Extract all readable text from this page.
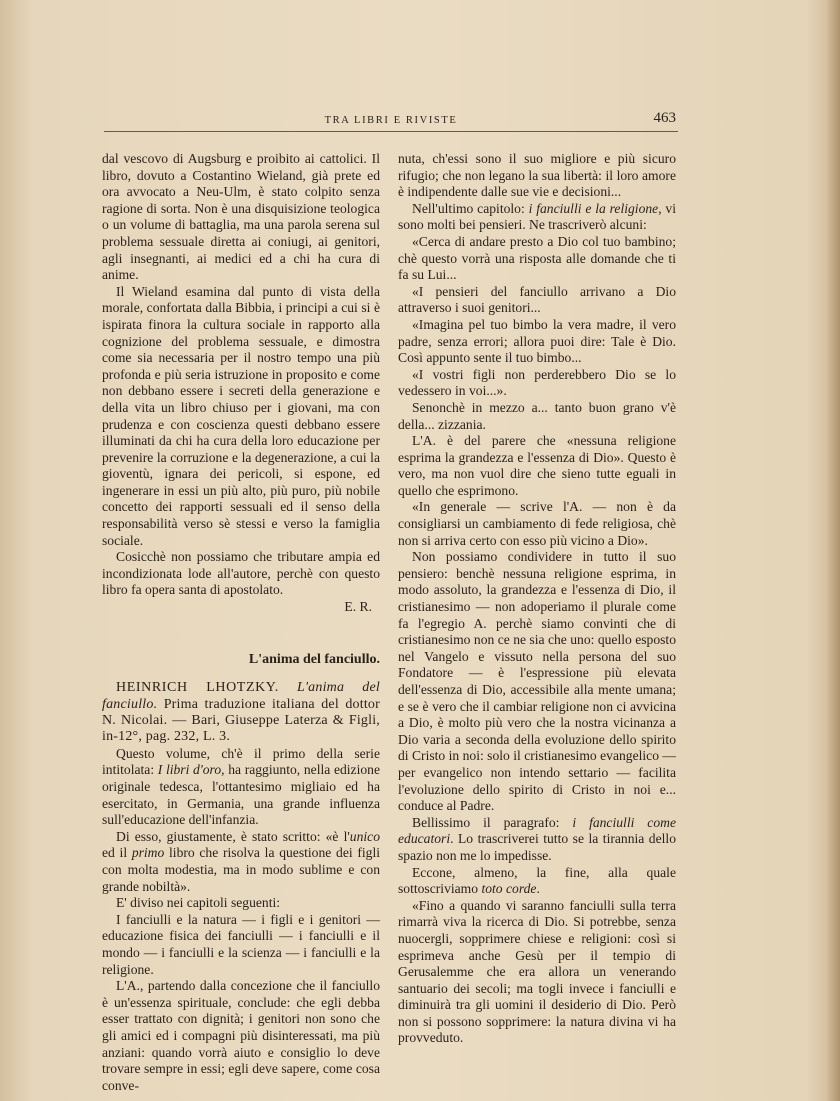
TRA LIBRI E RIVISTE	463

dal vescovo di Augsburg e proibito ai cattolici. Il libro, dovuto a Costantino Wieland, già prete ed ora avvocato a Neu-Ulm, è stato colpito senza ragione di sorta. Non è una disquisizione teologica o un volume di battaglia, ma una parola serena sul problema sessuale diretta ai coniugi, ai genitori, agli insegnanti, ai medici ed a chi ha cura di anime.

Il Wieland esamina dal punto di vista della morale, confortata dalla Bibbia, i principi a cui si è ispirata finora la cultura sociale in rapporto alla cognizione del problema sessuale, e dimostra come sia necessaria per il nostro tempo una più profonda e più seria istruzione in proposito e come non debbano essere i secreti della generazione e della vita un libro chiuso per i giovani, ma con prudenza e con coscienza questi debbano essere illuminati da chi ha cura della loro educazione per prevenire la corruzione e la degenerazione, a cui la gioventù, ignara dei pericoli, si espone, ed ingenerare in essi un più alto, più puro, più nobile concetto dei rapporti sessuali ed il senso della responsabilità verso sè stessi e verso la famiglia sociale.

Cosicchè non possiamo che tributare ampia ed incondizionata lode all'autore, perchè con questo libro fa opera santa di apostolato.

E. R.
L'anima del fanciullo.

HEINRICH LHOTZKY. L'anima del fanciullo. Prima traduzione italiana del dottor N. Nicolai. — Bari, Giuseppe Laterza & Figli, in-12°, pag. 232, L. 3.

Questo volume, ch'è il primo della serie intitolata: I libri d'oro, ha raggiunto, nella edizione originale tedesca, l'ottantesimo migliaio ed ha esercitato, in Germania, una grande influenza sull'educazione dell'infanzia.

Di esso, giustamente, è stato scritto: «è l'unico ed il primo libro che risolva la questione dei figli con molta modestia, ma in modo sublime e con grande nobiltà».

E' diviso nei capitoli seguenti:

I fanciulli e la natura — i figli e i genitori — educazione fisica dei fanciulli — i fanciulli e il mondo — i fanciulli e la scienza — i fanciulli e la religione.

L'A., partendo dalla concezione che il fanciullo è un'essenza spirituale, conclude: che egli debba esser trattato con dignità; i genitori non sono che gli amici ed i compagni più disinteressati, ma più anziani: quando vorrà aiuto e consiglio lo deve trovare sempre in essi; egli deve sapere, come cosa conve-

nuta, ch'essi sono il suo migliore e più sicuro rifugio; che non legano la sua libertà: il loro amore è indipendente dalle sue vie e decisioni...

Nell'ultimo capitolo: i fanciulli e la religione, vi sono molti bei pensieri. Ne trascriverò alcuni:

«Cerca di andare presto a Dio col tuo bambino; chè questo vorrà una risposta alle domande che ti fa su Lui...

«I pensieri del fanciullo arrivano a Dio attraverso i suoi genitori...

«Imagina pel tuo bimbo la vera madre, il vero padre, senza errori; allora puoi dire: Tale è Dio. Così appunto sente il tuo bimbo...

«I vostri figli non perderebbero Dio se lo vedessero in voi...».

Senonchè in mezzo a... tanto buon grano v'è della... zizzania.

L'A. è del parere che «nessuna religione esprima la grandezza e l'essenza di Dio». Questo è vero, ma non vuol dire che sieno tutte eguali in quello che esprimono.

«In generale — scrive l'A. — non è da consigliarsi un cambiamento di fede religiosa, chè non si arriva certo con esso più vicino a Dio».

Non possiamo condividere in tutto il suo pensiero: benchè nessuna religione esprima, in modo assoluto, la grandezza e l'essenza di Dio, il cristianesimo — non adoperiamo il plurale come fa l'egregio A. perchè siamo convinti che di cristianesimo non ce ne sia che uno: quello esposto nel Vangelo e vissuto nella persona del suo Fondatore — è l'espressione più elevata dell'essenza di Dio, accessibile alla mente umana; e se è vero che il cambiar religione non ci avvicina a Dio, è molto più vero che la nostra vicinanza a Dio varia a seconda della evoluzione dello spirito di Cristo in noi: solo il cristianesimo evangelico — per evangelico non intendo settario — facilita l'evoluzione dello spirito di Cristo in noi e... conduce al Padre.

Bellissimo il paragrafo: i fanciulli come educatori. Lo trascriverei tutto se la tirannia dello spazio non me lo impedisse.

Eccone, almeno, la fine, alla quale sottoscriviamo toto corde.

«Fino a quando vi saranno fanciulli sulla terra rimarrà viva la ricerca di Dio. Si potrebbe, senza nuocergli, sopprimere chiese e religioni: così si esprimeva anche Gesù per il tempio di Gerusalemme che era allora un venerando santuario dei secoli; ma togli invece i fanciulli e diminuirà tra gli uomini il desiderio di Dio. Però non si possono sopprimere: la natura divina vi ha provveduto.
